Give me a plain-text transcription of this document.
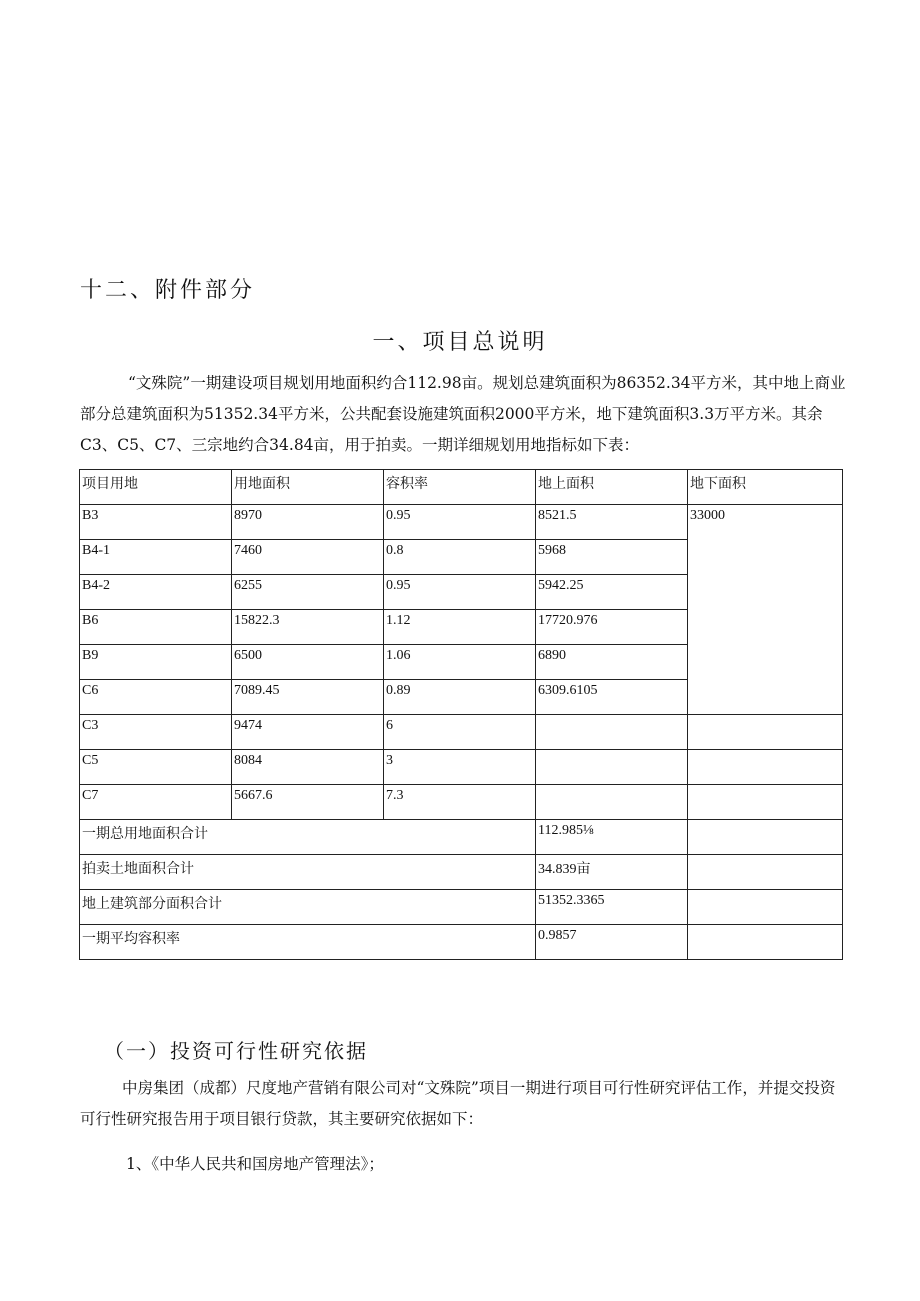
十二、附件部分
一、项目总说明

“文殊院”一期建设项目规划用地面积约合112.98亩。规划总建筑面积为86352.34平方米，其中地上商业部分总建筑面积为51352.34平方米，公共配套设施建筑面积2000平方米，地下建筑面积3.3万平方米。其余C3、C5、C7、三宗地约合34.84亩，用于拍卖。一期详细规划用地指标如下表：

项目用地	用地面积	容积率	地上面积	地下面积
B3	8970	0.95	8521.5	33000
B4-1	7460	0.8	5968	
B4-2	6255	0.95	5942.25	
B6	15822.3	1.12	17720.976	
B9	6500	1.06	6890	
C6	7089.45	0.89	6309.6105	
C3	9474	6		
C5	8084	3		
C7	5667.6	7.3		
一期总用地面积合计			112.985⅛	
拍卖土地面积合计			34.839亩	
地上建筑部分面积合计			51352.3365	
一期平均容积率			0.9857	
（一）投资可行性研究依据

中房集团（成都）尺度地产营销有限公司对“文殊院”项目一期进行项目可行性研究评估工作，并提交投资可行性研究报告用于项目银行贷款，其主要研究依据如下：

1、《中华人民共和国房地产管理法》；
